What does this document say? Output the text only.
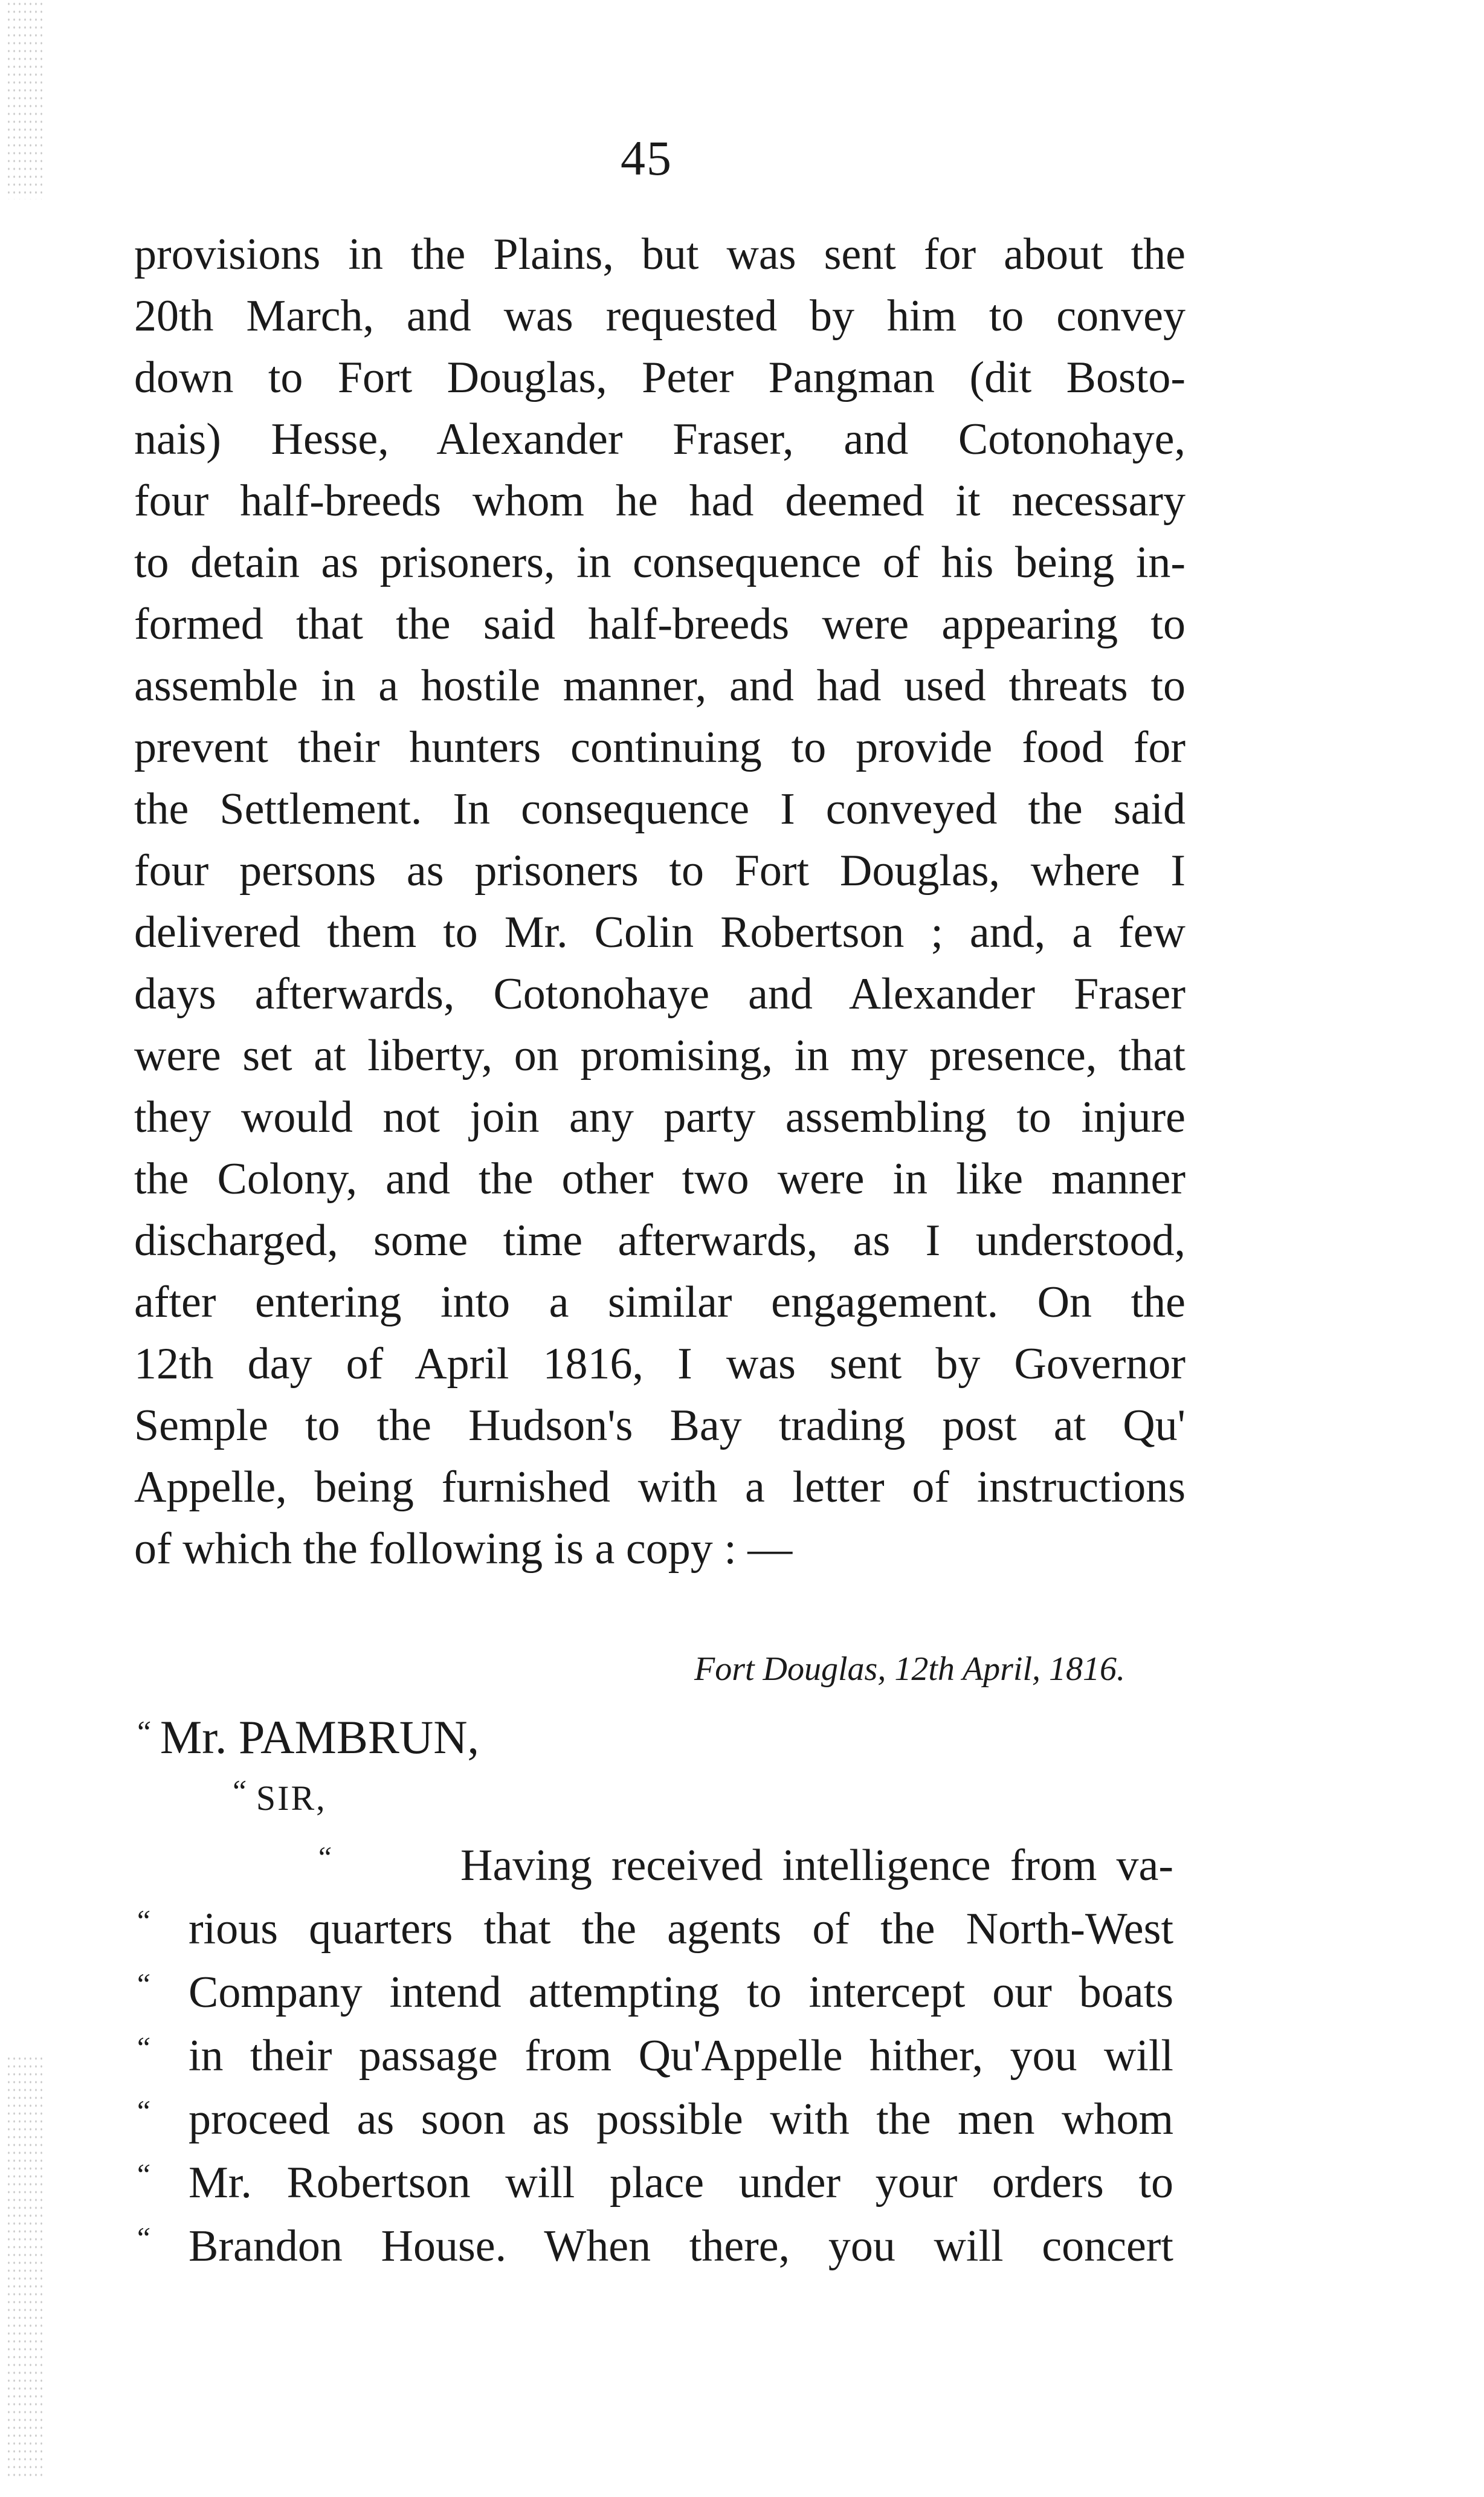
45
provisions in the Plains, but was sent for about the
20th March, and was requested by him to convey
down to Fort Douglas, Peter Pangman (dit Bosto-
nais) Hesse, Alexander Fraser, and Cotonohaye,
four half-breeds whom he had deemed it necessary
to detain as prisoners, in consequence of his being in-
formed that the said half-breeds were appearing to
assemble in a hostile manner, and had used threats to
prevent their hunters continuing to provide food for
the Settlement. In consequence I conveyed the said
four persons as prisoners to Fort Douglas, where I
delivered them to Mr. Colin Robertson ; and, a few
days afterwards, Cotonohaye and Alexander Fraser
were set at liberty, on promising, in my presence, that
they would not join any party assembling to injure
the Colony, and the other two were in like manner
discharged, some time afterwards, as I understood,
after entering into a similar engagement. On the
12th day of April 1816, I was sent by Governor
Semple to the Hudson's Bay trading post at Qu'
Appelle, being furnished with a letter of instructions
of which the following is a copy : —
Fort Douglas, 12th April, 1816.
“ Mr. PAMBRUN,
“ SIR,
“	Having received intelligence from va-
“ rious quarters that the agents of the North-West
“ Company intend attempting to intercept our boats
“ in their passage from Qu'Appelle hither, you will
“ proceed as soon as possible with the men whom
“ Mr. Robertson will place under your orders to
“ Brandon House. When there, you will concert
